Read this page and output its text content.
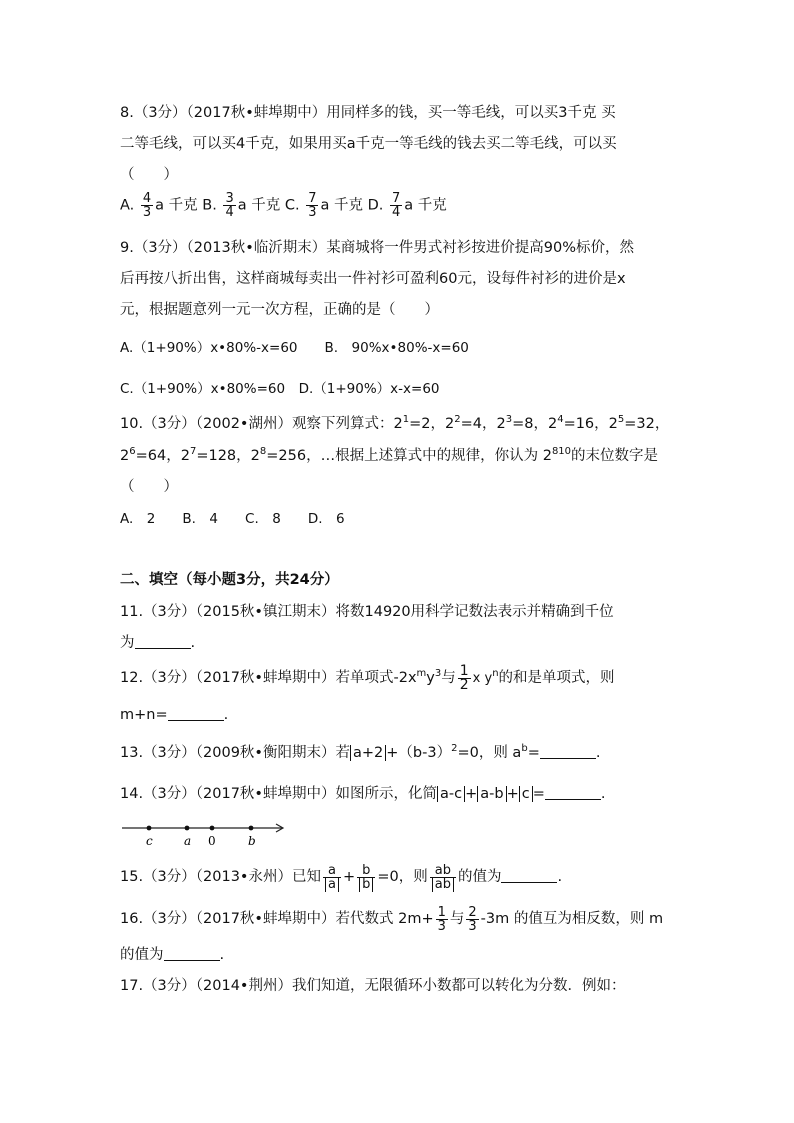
8.（3分）（2017秋•蚌埠期中）用同样多的钱，买一等毛线，可以买3千克 买
二等毛线，可以买4千克，如果用买a千克一等毛线的钱去买二等毛线，可以买
（　　）
A. $\frac{4}{3}$ a 千克 B. $\frac{3}{4}$ a 千克 C. $\frac{7}{3}$ a 千克 D. $\frac{7}{4}$ a 千克
9.（3分）（2013秋•临沂期末）某商城将一件男式衬衫按进价提高90%标价，然
后再按八折出售，这样商城每卖出一件衬衫可盈利60元，设每件衬衫的进价是x
元，根据题意列一元一次方程，正确的是（　　）
A.（1+90%）x•80%-x=60　　B.　90%x•80%-x=60
C.（1+90%）x•80%=60　D.（1+90%）x-x=60
10.（3分）（2002•湖州）观察下列算式：$2^1=2$，$2^2=4$，$2^3=8$，$2^4=16$，$2^5=32$，
$2^6=64$，$2^7=128$，$2^8=256$，…根据上述算式中的规律，你认为 $2^{810}$的末位数字是
（　　）
A.　2　　B.　4　　C.　8　　D.　6
二、填空（每小题3分，共24分）
11.（3分）（2015秋•镇江期末）将数14920用科学记数法表示并精确到千位
为	.
12.（3分）（2017秋•蚌埠期中）若单项式$-2x^my^3$与 $\frac{1}{2}$ x $y^n$的和是单项式，则
m+n=	.
13.（3分）（2009秋•衡阳期末）若 $a+2 +(b-3)^2=0$，则 $a^b=$	.
14.（3分）（2017秋•蚌埠期中）如图所示，化简 a-c + a-b + c =	.
c	a 0	b
15.（3分）（2013•永州）已知 $\frac{a}{a} + \frac{b}{b} =0$，则 $\frac{ab}{ab}$ 的值为	.
16.（3分）（2017秋•蚌埠期中）若代数式 $2m+ \frac{1}{3}$ 与 $\frac{2}{3} -3m$ 的值互为相反数，则 m
的值为	.
17.（3分）（2014•荆州）我们知道，无限循环小数都可以转化为分数．例如：
